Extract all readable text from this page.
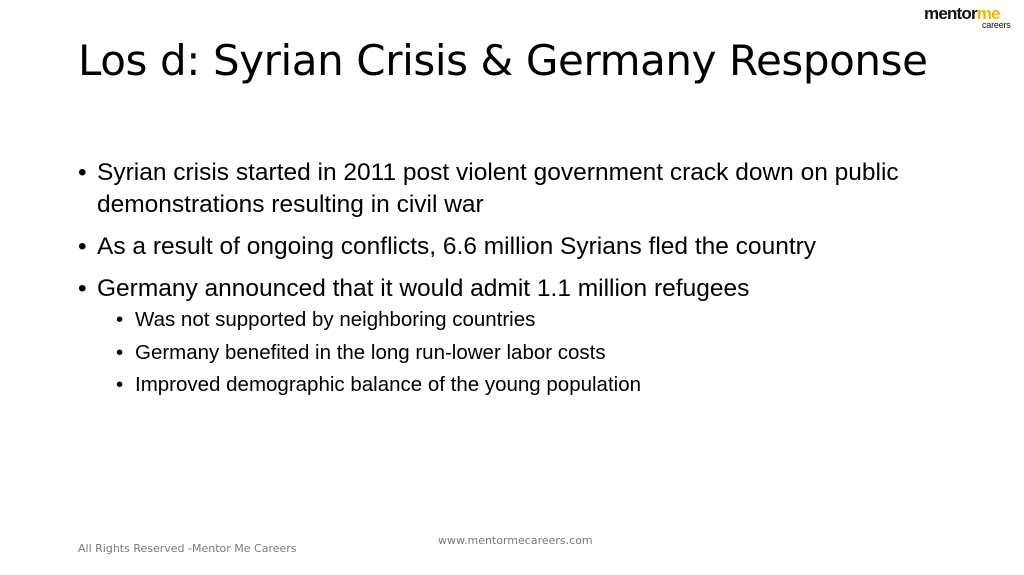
mentorme
careers
Los d: Syrian Crisis & Germany Response
• Syrian crisis started in 2011 post violent government crack down on public demonstrations resulting in civil war
• As a result of ongoing conflicts, 6.6 million Syrians fled the country
• Germany announced that it would admit 1.1 million refugees
• Was not supported by neighboring countries
• Germany benefited in the long run-lower labor costs
• Improved demographic balance of the young population
www.mentormecareers.com
All Rights Reserved -Mentor Me Careers
